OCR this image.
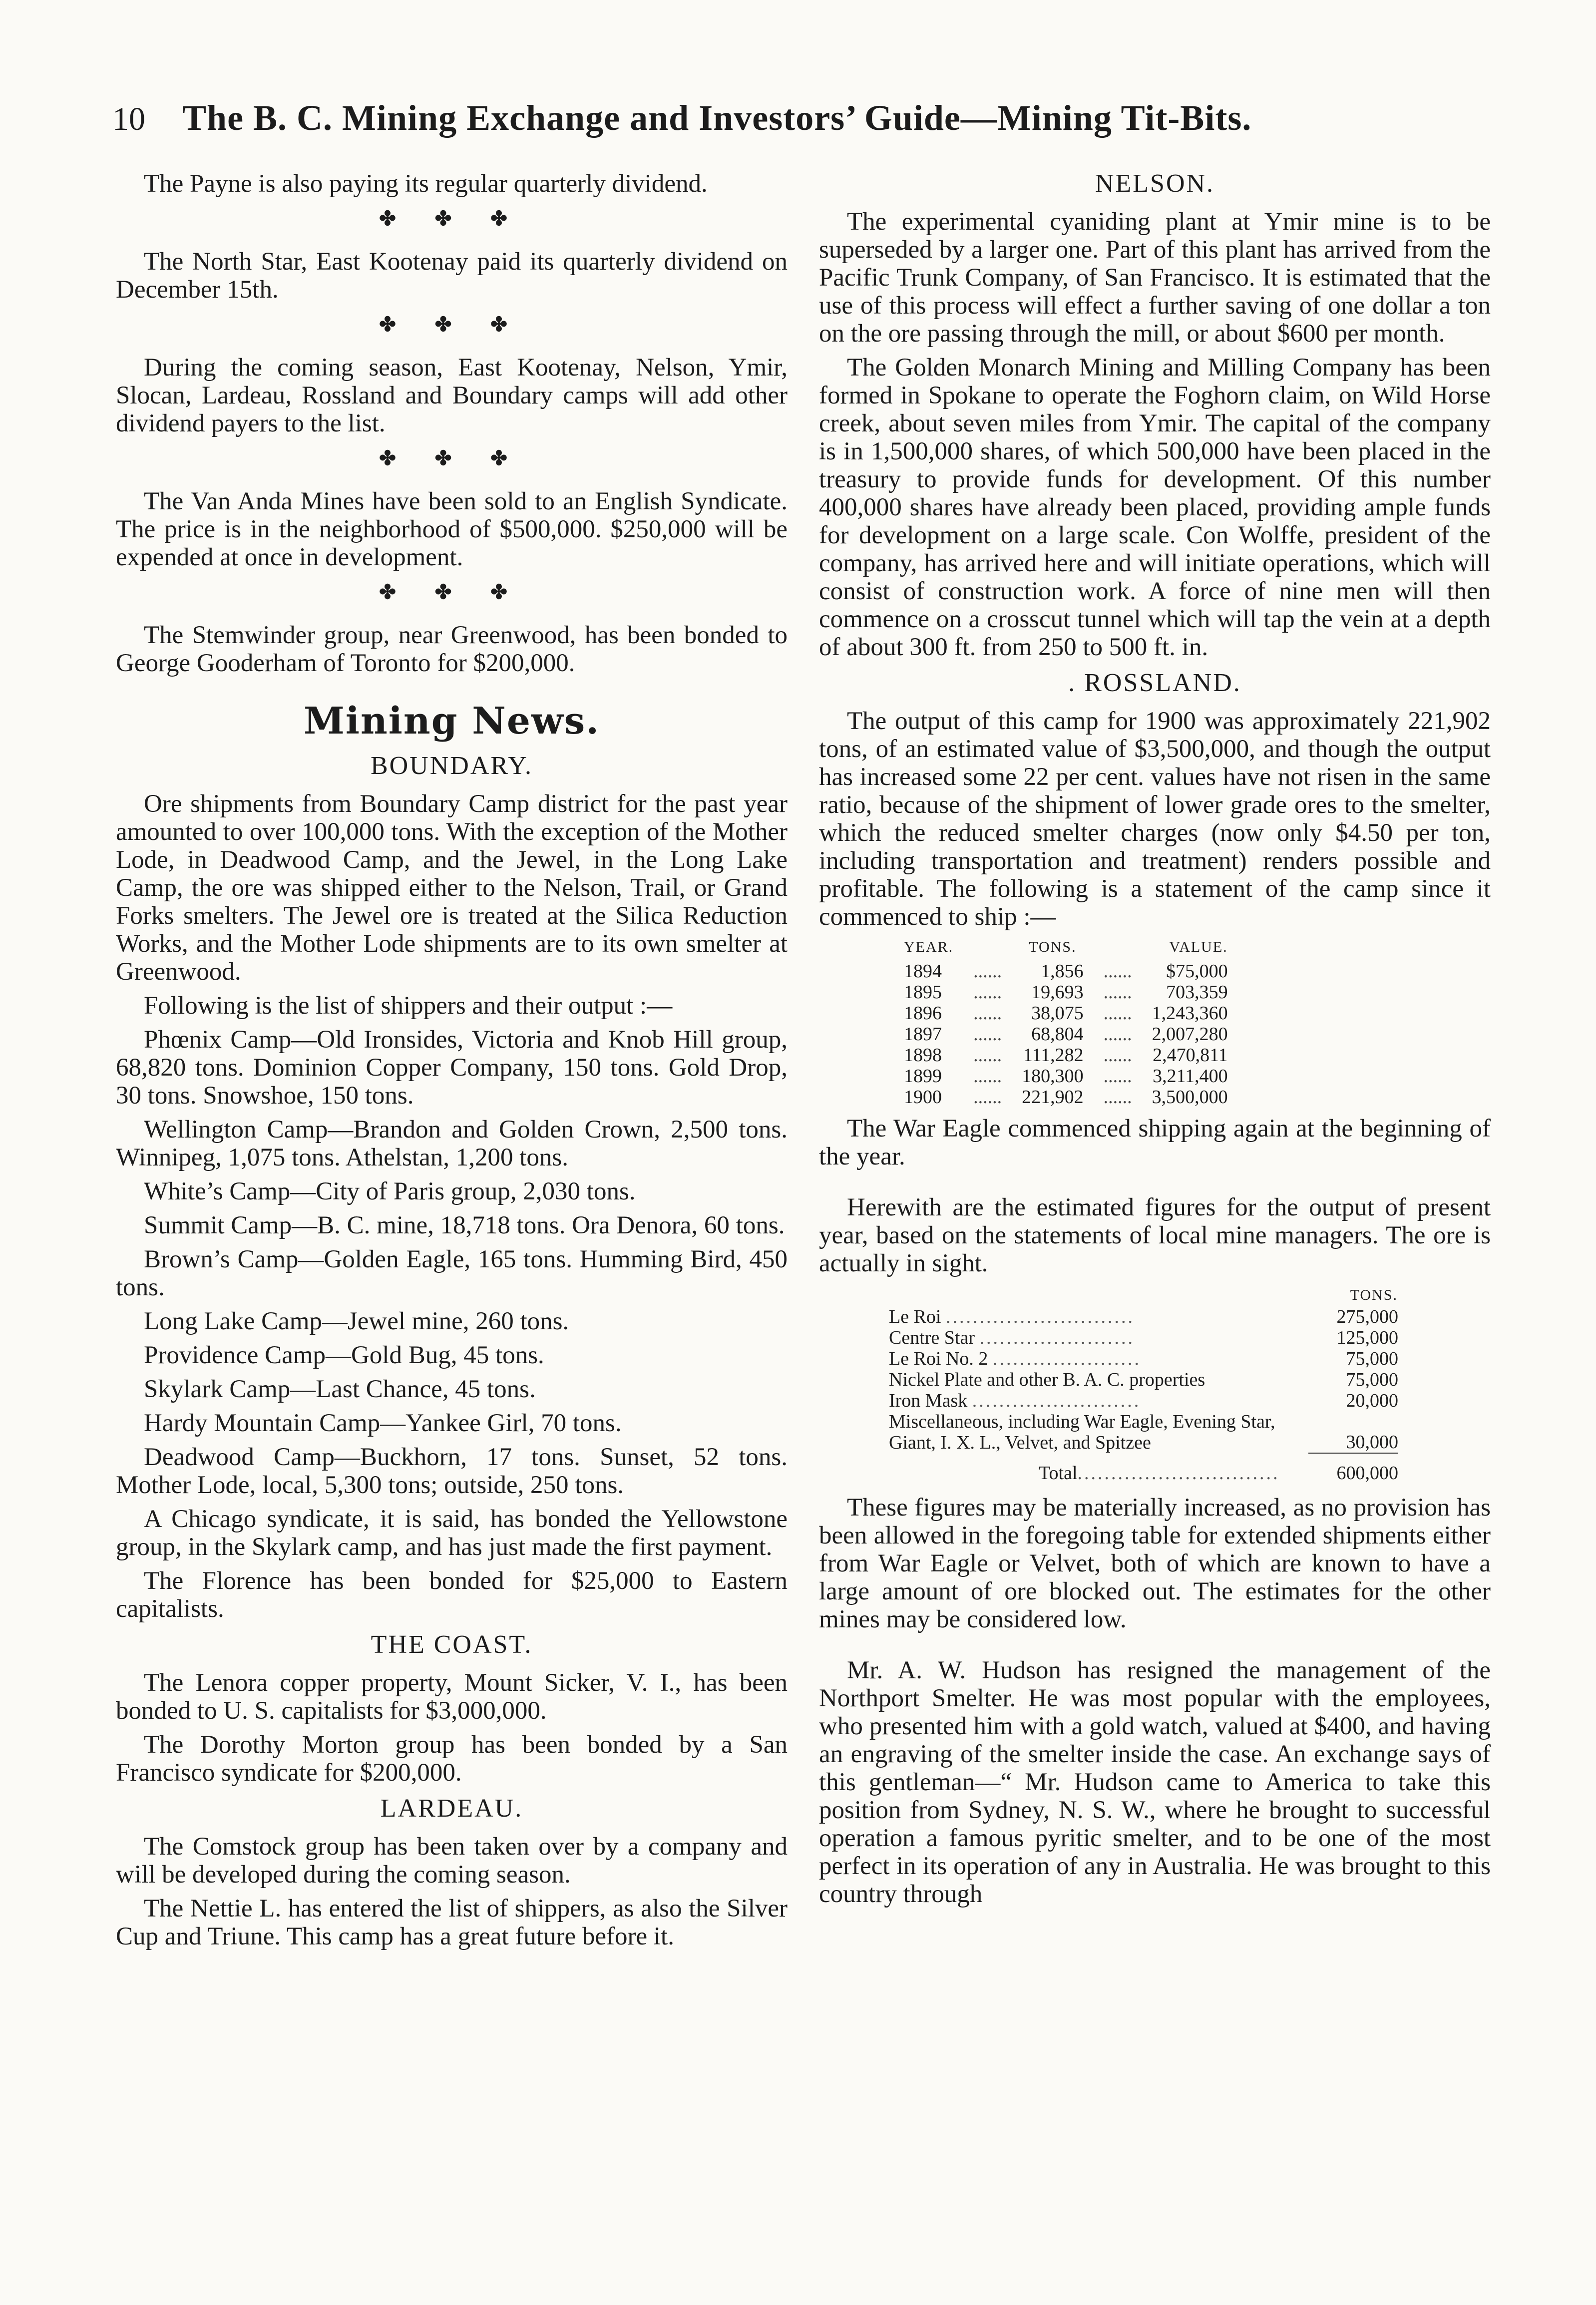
10	The B. C. Mining Exchange and Investors’ Guide—Mining Tit-Bits.

The Payne is also paying its regular quarterly dividend.

✤ ✤ ✤

The North Star, East Kootenay paid its quarterly dividend on December 15th.

✤ ✤ ✤

During the coming season, East Kootenay, Nelson, Ymir, Slocan, Lardeau, Rossland and Boundary camps will add other dividend payers to the list.

✤ ✤ ✤

The Van Anda Mines have been sold to an English Syndicate. The price is in the neighborhood of $500,000. $250,000 will be expended at once in development.

✤ ✤ ✤

The Stemwinder group, near Greenwood, has been bonded to George Gooderham of Toronto for $200,000.

Mining News.
BOUNDARY.

Ore shipments from Boundary Camp district for the past year amounted to over 100,000 tons. With the exception of the Mother Lode, in Deadwood Camp, and the Jewel, in the Long Lake Camp, the ore was shipped either to the Nelson, Trail, or Grand Forks smelters. The Jewel ore is treated at the Silica Reduction Works, and the Mother Lode shipments are to its own smelter at Greenwood.

Following is the list of shippers and their output :—

Phœnix Camp—Old Ironsides, Victoria and Knob Hill group, 68,820 tons. Dominion Copper Company, 150 tons. Gold Drop, 30 tons. Snowshoe, 150 tons.

Wellington Camp—Brandon and Golden Crown, 2,500 tons. Winnipeg, 1,075 tons. Athelstan, 1,200 tons.

White’s Camp—City of Paris group, 2,030 tons.

Summit Camp—B. C. mine, 18,718 tons. Ora Denora, 60 tons.

Brown’s Camp—Golden Eagle, 165 tons. Humming Bird, 450 tons.

Long Lake Camp—Jewel mine, 260 tons.

Providence Camp—Gold Bug, 45 tons.

Skylark Camp—Last Chance, 45 tons.

Hardy Mountain Camp—Yankee Girl, 70 tons.

Deadwood Camp—Buckhorn, 17 tons. Sunset, 52 tons. Mother Lode, local, 5,300 tons; outside, 250 tons.

A Chicago syndicate, it is said, has bonded the Yellowstone group, in the Skylark camp, and has just made the first payment.

The Florence has been bonded for $25,000 to Eastern capitalists.

THE COAST.

The Lenora copper property, Mount Sicker, V. I., has been bonded to U. S. capitalists for $3,000,000.

The Dorothy Morton group has been bonded by a San Francisco syndicate for $200,000.

LARDEAU.

The Comstock group has been taken over by a company and will be developed during the coming season.

The Nettie L. has entered the list of shippers, as also the Silver Cup and Triune. This camp has a great future before it.

NELSON.

The experimental cyaniding plant at Ymir mine is to be superseded by a larger one. Part of this plant has arrived from the Pacific Trunk Company, of San Francisco. It is estimated that the use of this process will effect a further saving of one dollar a ton on the ore passing through the mill, or about $600 per month.

The Golden Monarch Mining and Milling Company has been formed in Spokane to operate the Foghorn claim, on Wild Horse creek, about seven miles from Ymir. The capital of the company is in 1,500,000 shares, of which 500,000 have been placed in the treasury to provide funds for development. Of this number 400,000 shares have already been placed, providing ample funds for development on a large scale. Con Wolffe, president of the company, has arrived here and will initiate operations, which will consist of construction work. A force of nine men will then commence on a crosscut tunnel which will tap the vein at a depth of about 300 ft. from 250 to 500 ft. in.

. ROSSLAND.

The output of this camp for 1900 was approximately 221,902 tons, of an estimated value of $3,500,000, and though the output has increased some 22 per cent. values have not risen in the same ratio, because of the shipment of lower grade ores to the smelter, which the reduced smelter charges (now only $4.50 per ton, including transportation and treatment) renders possible and profitable. The following is a statement of the camp since it commenced to ship :—

YEAR.		TONS.		VALUE.
1894	......	1,856	......	$75,000
1895	......	19,693	......	703,359
1896	......	38,075	......	1,243,360
1897	......	68,804	......	2,007,280
1898	......	111,282	......	2,470,811
1899	......	180,300	......	3,211,400
1900	......	221,902	......	3,500,000

The War Eagle commenced shipping again at the beginning of the year.

Herewith are the estimated figures for the output of present year, based on the statements of local mine managers. The ore is actually in sight.

	TONS.
Le Roi ............................	275,000
Centre Star .......................	125,000
Le Roi No. 2 ......................	75,000
Nickel Plate and other B. A. C. properties	75,000
Iron Mask .........................	20,000
Miscellaneous, including War Eagle, Evening Star, Giant, I. X. L., Velvet, and Spitzee	30,000
Total..............................	600,000

These figures may be materially increased, as no provision has been allowed in the foregoing table for extended shipments either from War Eagle or Velvet, both of which are known to have a large amount of ore blocked out. The estimates for the other mines may be considered low.

Mr. A. W. Hudson has resigned the management of the Northport Smelter. He was most popular with the employees, who presented him with a gold watch, valued at $400, and having an engraving of the smelter inside the case. An exchange says of this gentleman—“ Mr. Hudson came to America to take this position from Sydney, N. S. W., where he brought to successful operation a famous pyritic smelter, and to be one of the most perfect in its operation of any in Australia. He was brought to this country through
